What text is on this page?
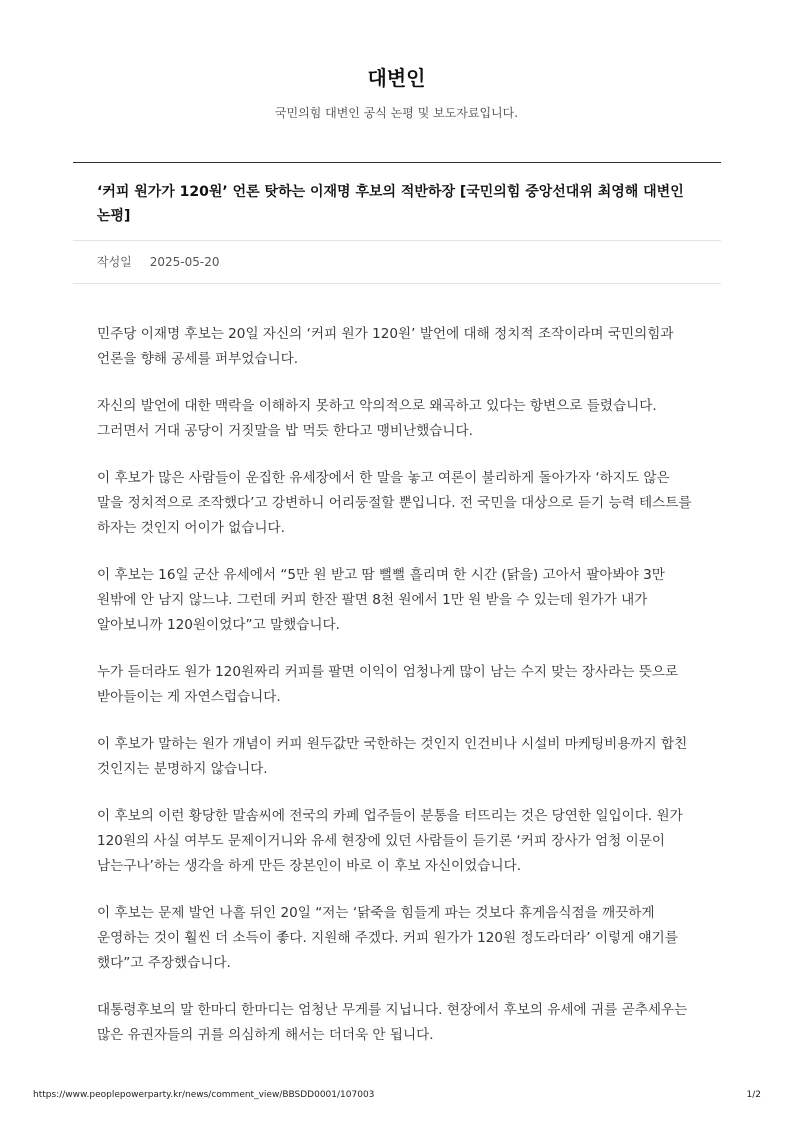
대변인
국민의힘 대변인 공식 논평 및 보도자료입니다.
‘커피 원가가 120원’ 언론 탓하는 이재명 후보의 적반하장 [국민의힘 중앙선대위 최영해 대변인 논평]
작성일 2025-05-20

민주당 이재명 후보는 20일 자신의 ‘커피 원가 120원’ 발언에 대해 정치적 조작이라며 국민의힘과 언론을 향해 공세를 퍼부었습니다.

자신의 발언에 대한 맥락을 이해하지 못하고 악의적으로 왜곡하고 있다는 항변으로 들렸습니다. 그러면서 거대 공당이 거짓말을 밥 먹듯 한다고 맹비난했습니다.

이 후보가 많은 사람들이 운집한 유세장에서 한 말을 놓고 여론이 불리하게 돌아가자 ‘하지도 않은 말을 정치적으로 조작했다’고 강변하니 어리둥절할 뿐입니다. 전 국민을 대상으로 듣기 능력 테스트를 하자는 것인지 어이가 없습니다.

이 후보는 16일 군산 유세에서 “5만 원 받고 땀 뻘뻘 흘리며 한 시간 (닭을) 고아서 팔아봐야 3만 원밖에 안 남지 않느냐. 그런데 커피 한잔 팔면 8천 원에서 1만 원 받을 수 있는데 원가가 내가 알아보니까 120원이었다”고 말했습니다.

누가 듣더라도 원가 120원짜리 커피를 팔면 이익이 엄청나게 많이 남는 수지 맞는 장사라는 뜻으로 받아들이는 게 자연스럽습니다.

이 후보가 말하는 원가 개념이 커피 원두값만 국한하는 것인지 인건비나 시설비 마케팅비용까지 합친 것인지는 분명하지 않습니다.

이 후보의 이런 황당한 말솜씨에 전국의 카페 업주들이 분통을 터뜨리는 것은 당연한 일입이다. 원가 120원의 사실 여부도 문제이거니와 유세 현장에 있던 사람들이 듣기론 ‘커피 장사가 엄청 이문이 남는구나’하는 생각을 하게 만든 장본인이 바로 이 후보 자신이었습니다.

이 후보는 문제 발언 나흘 뒤인 20일 “저는 ‘닭죽을 힘들게 파는 것보다 휴게음식점을 깨끗하게 운영하는 것이 훨씬 더 소득이 좋다. 지원해 주겠다. 커피 원가가 120원 정도라더라’ 이렇게 얘기를 했다”고 주장했습니다.

대통령후보의 말 한마디 한마디는 엄청난 무게를 지닙니다. 현장에서 후보의 유세에 귀를 곧추세우는 많은 유권자들의 귀를 의심하게 해서는 더더욱 안 됩니다.

https://www.peoplepowerparty.kr/news/comment_view/BBSDD0001/107003	1/2
